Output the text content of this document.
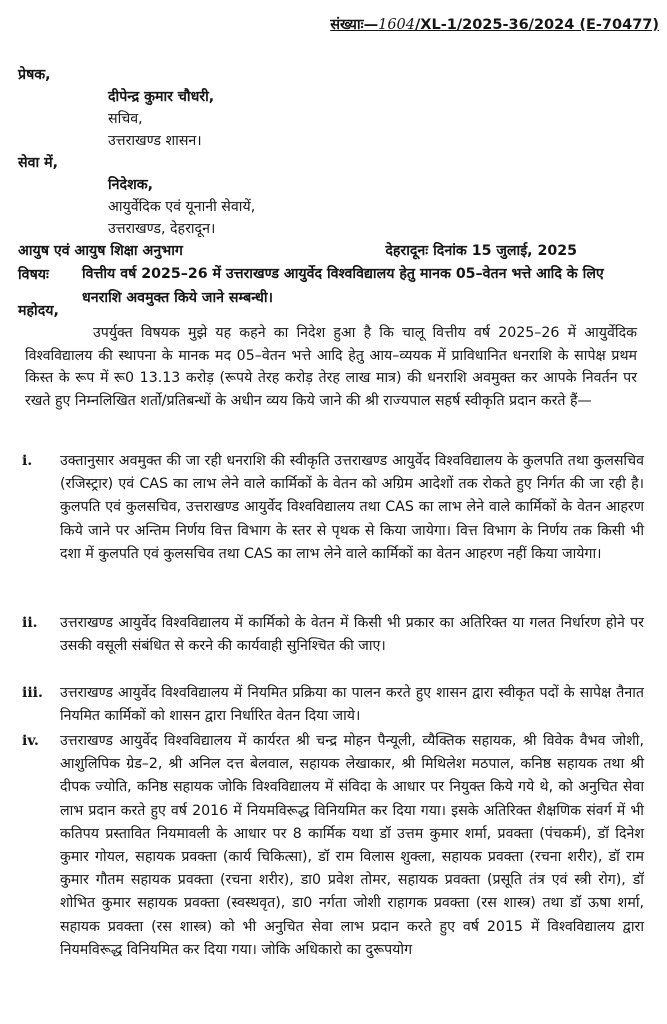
संख्याः—1604/XL-1/2025-36/2024 (E-70477)
प्रेषक,
दीपेन्द्र कुमार चौधरी,
सचिव,
उत्तराखण्ड शासन।
सेवा में,
निदेशक,
आयुर्वेदिक एवं यूनानी सेवायें,
उत्तराखण्ड, देहरादून।
आयुष एवं आयुष शिक्षा अनुभाग	देहरादूनः दिनांक 15 जुलाई, 2025
विषयः वित्तीय वर्ष 2025–26 में उत्तराखण्ड आयुर्वेद विश्वविद्यालय हेतु मानक 05–वेतन भत्ते आदि के लिए धनराशि अवमुक्त किये जाने सम्बन्धी।
महोदय,
उपर्युक्त विषयक मुझे यह कहने का निदेश हुआ है कि चालू वित्तीय वर्ष 2025–26 में आयुर्वेदिक विश्वविद्यालय की स्थापना के मानक मद 05–वेतन भत्ते आदि हेतु आय–व्ययक में प्राविधानित धनराशि के सापेक्ष प्रथम किस्त के रूप में रू0 13.13 करोड़ (रूपये तेरह करोड़ तेरह लाख मात्र) की धनराशि अवमुक्त कर आपके निवर्तन पर रखते हुए निम्नलिखित शर्तो/प्रतिबन्धों के अधीन व्यय किये जाने की श्री राज्यपाल सहर्ष स्वीकृति प्रदान करते हैं—
i. उक्तानुसार अवमुक्त की जा रही धनराशि की स्वीकृति उत्तराखण्ड आयुर्वेद विश्वविद्यालय के कुलपति तथा कुलसचिव (रजिस्ट्रार) एवं CAS का लाभ लेने वाले कार्मिकों के वेतन को अग्रिम आदेशों तक रोकते हुए निर्गत की जा रही है। कुलपति एवं कुलसचिव, उत्तराखण्ड आयुर्वेद विश्वविद्यालय तथा CAS का लाभ लेने वाले कार्मिकों के वेतन आहरण किये जाने पर अन्तिम निर्णय वित्त विभाग के स्तर से पृथक से किया जायेगा। वित्त विभाग के निर्णय तक किसी भी दशा में कुलपति एवं कुलसचिव तथा CAS का लाभ लेने वाले कार्मिकों का वेतन आहरण नहीं किया जायेगा।
ii. उत्तराखण्ड आयुर्वेद विश्वविद्यालय में कार्मिको के वेतन में किसी भी प्रकार का अतिरिक्त या गलत निर्धारण होने पर उसकी वसूली संबंधित से करने की कार्यवाही सुनिश्चित की जाए।
iii. उत्तराखण्ड आयुर्वेद विश्वविद्यालय में नियमित प्रक्रिया का पालन करते हुए शासन द्वारा स्वीकृत पदों के सापेक्ष तैनात नियमित कार्मिकों को शासन द्वारा निर्धारित वेतन दिया जाये।
iv. उत्तराखण्ड आयुर्वेद विश्वविद्यालय में कार्यरत श्री चन्द्र मोहन पैन्यूली, व्यैक्तिक सहायक, श्री विवेक वैभव जोशी, आशुलिपिक ग्रेड–2, श्री अनिल दत्त बेलवाल, सहायक लेखाकार, श्री मिथिलेश मठपाल, कनिष्ठ सहायक तथा श्री दीपक ज्योति, कनिष्ठ सहायक जोकि विश्वविद्यालय में संविदा के आधार पर नियुक्त किये गये थे, को अनुचित सेवा लाभ प्रदान करते हुए वर्ष 2016 में नियमविरूद्ध विनियमित कर दिया गया। इसके अतिरिक्त शैक्षणिक संवर्ग में भी कतिपय प्रस्तावित नियमावली के आधार पर 8 कार्मिक यथा डॉ उत्तम कुमार शर्मा, प्रवक्ता (पंचकर्म), डॉ दिनेश कुमार गोयल, सहायक प्रवक्ता (कार्य चिकित्सा), डॉ राम विलास शुक्ला, सहायक प्रवक्ता (रचना शरीर), डॉ राम कुमार गौतम सहायक प्रवक्ता (रचना शरीर), डा0 प्रवेश तोमर, सहायक प्रवक्ता (प्रसूति तंत्र एवं स्त्री रोग), डॉ शोभित कुमार सहायक प्रवक्ता (स्वस्थवृत), डा0 नर्गता जोशी राहागक प्रवक्ता (रस शास्त्र) तथा डॉ ऊषा शर्मा, सहायक प्रवक्ता (रस शास्त्र) को भी अनुचित सेवा लाभ प्रदान करते हुए वर्ष 2015 में विश्वविद्यालय द्वारा नियमविरूद्ध विनियमित कर दिया गया। जोकि अधिकारो का दुरूपयोग
